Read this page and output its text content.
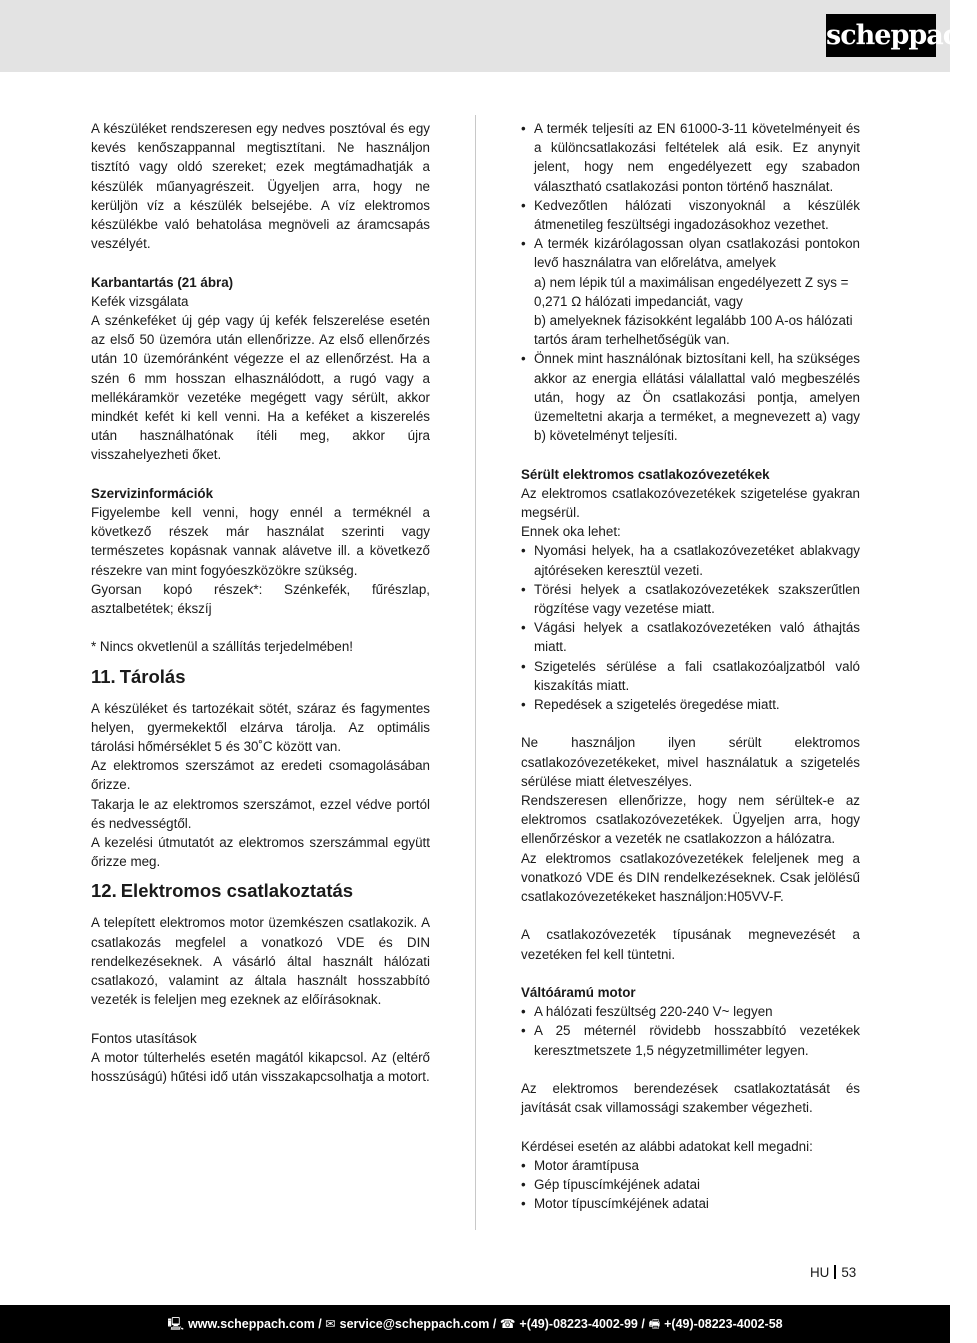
scheppach

A készüléket rendszeresen egy nedves posztóval és egy kevés kenőszappannal megtisztítani. Ne használjon tisztító vagy oldó szereket; ezek megtámadhatják a készülék műanyagrészeit. Ügyeljen arra, hogy ne kerüljön víz a készülék belsejébe. A víz elektromos készülékbe való behatolása megnöveli az áramcsapás veszélyét.

Karbantartás (21 ábra)

Kefék vizsgálata

A szénkeféket új gép vagy új kefék felszerelése esetén az első 50 üzemóra után ellenőrizze. Az első ellenőrzés után 10 üzemóránként végezze el az ellenőrzést. Ha a szén 6 mm hosszan elhasználódott, a rugó vagy a mellékáramkör vezetéke megégett vagy sérült, akkor mindkét kefét ki kell venni. Ha a keféket a kiszerelés után használhatónak ítéli meg, akkor újra visszahelyezheti őket.

Szervizinformációk

Figyelembe kell venni, hogy ennél a terméknél a következő részek már használat szerinti vagy természetes kopásnak vannak alávetve ill. a következő részekre van mint fogyóeszközökre szükség.

Gyorsan kopó részek*: Szénkefék, fűrészlap, asztalbetétek; ékszíj

* Nincs okvetlenül a szállítás terjedelmében!

11. Tárolás

A készüléket és tartozékait sötét, száraz és fagymentes helyen, gyermekektől elzárva tárolja. Az optimális tárolási hőmérséklet 5 és 30˚C között van.

Az elektromos szerszámot az eredeti csomagolásában őrizze.

Takarja le az elektromos szerszámot, ezzel védve portól és nedvességtől.

A kezelési útmutatót az elektromos szerszámmal együtt őrizze meg.

12. Elektromos csatlakoztatás

A telepített elektromos motor üzemkészen csatlakozik. A csatlakozás megfelel a vonatkozó VDE és DIN rendelkezéseknek. A vásárló által használt hálózati csatlakozó, valamint az általa használt hosszabbító vezeték is feleljen meg ezeknek az előírásoknak.

Fontos utasítások

A motor túlterhelés esetén magától kikapcsol. Az (eltérő hosszúságú) hűtési idő után visszakapcsolhatja a motort.

• A termék teljesíti az EN 61000-3-11 követelményeit és a különcsatlakozási feltételek alá esik. Ez anynyit jelent, hogy nem engedélyezett egy szabadon választható csatlakozási ponton történő használat.
• Kedvezőtlen hálózati viszonyoknál a készülék átmenetileg feszültségi ingadozásokhoz vezethet.
• A termék kizárólagossan olyan csatlakozási pontokon levő használatra van előrelátva, amelyek
a) nem lépik túl a maximálisan engedélyezett Z sys = 0,271 Ω hálózati impedanciát, vagy
b) amelyeknek fázisokként legalább 100 A-os hálózati tartós áram terhelhetőségük van.
• Önnek mint használónak biztosítani kell, ha szükséges akkor az energia ellátási válallattal való megbeszélés után, hogy az Ön csatlakozási pontja, amelyen üzemeltetni akarja a terméket, a megnevezett a) vagy b) követelményt teljesíti.

Sérült elektromos csatlakozóvezetékek

Az elektromos csatlakozóvezetékek szigetelése gyakran megsérül.

Ennek oka lehet:

• Nyomási helyek, ha a csatlakozóvezetéket ablakvagy ajtóréseken keresztül vezeti.
• Törési helyek a csatlakozóvezetékek szakszerűtlen rögzítése vagy vezetése miatt.
• Vágási helyek a csatlakozóvezetéken való áthajtás miatt.
• Szigetelés sérülése a fali csatlakozóaljzatból való kiszakítás miatt.
• Repedések a szigetelés öregedése miatt.

Ne használjon ilyen sérült elektromos csatlakozóvezetékeket, mivel használatuk a szigetelés sérülése miatt életveszélyes.

Rendszeresen ellenőrizze, hogy nem sérültek-e az elektromos csatlakozóvezetékek. Ügyeljen arra, hogy ellenőrzéskor a vezeték ne csatlakozzon a hálózatra.

Az elektromos csatlakozóvezetékek feleljenek meg a vonatkozó VDE és DIN rendelkezéseknek. Csak jelölésű csatlakozóvezetékeket használjon:H05VV-F.

A csatlakozóvezeték típusának megnevezését a vezetéken fel kell tüntetni.

Váltóáramú motor

• A hálózati feszültség 220-240 V~ legyen
• A 25 méternél rövidebb hosszabbító vezetékek keresztmetszete 1,5 négyzetmilliméter legyen.

Az elektromos berendezések csatlakoztatását és javítását csak villamossági szakember végezheti.

Kérdései esetén az alábbi adatokat kell megadni:

• Motor áramtípusa
• Gép típuscímkéjének adatai
• Motor típuscímkéjének adatai
HU 53
🖳 www.scheppach.com / ✉ service@scheppach.com / ☎ +(49)-08223-4002-99 / 🖷 +(49)-08223-4002-58
